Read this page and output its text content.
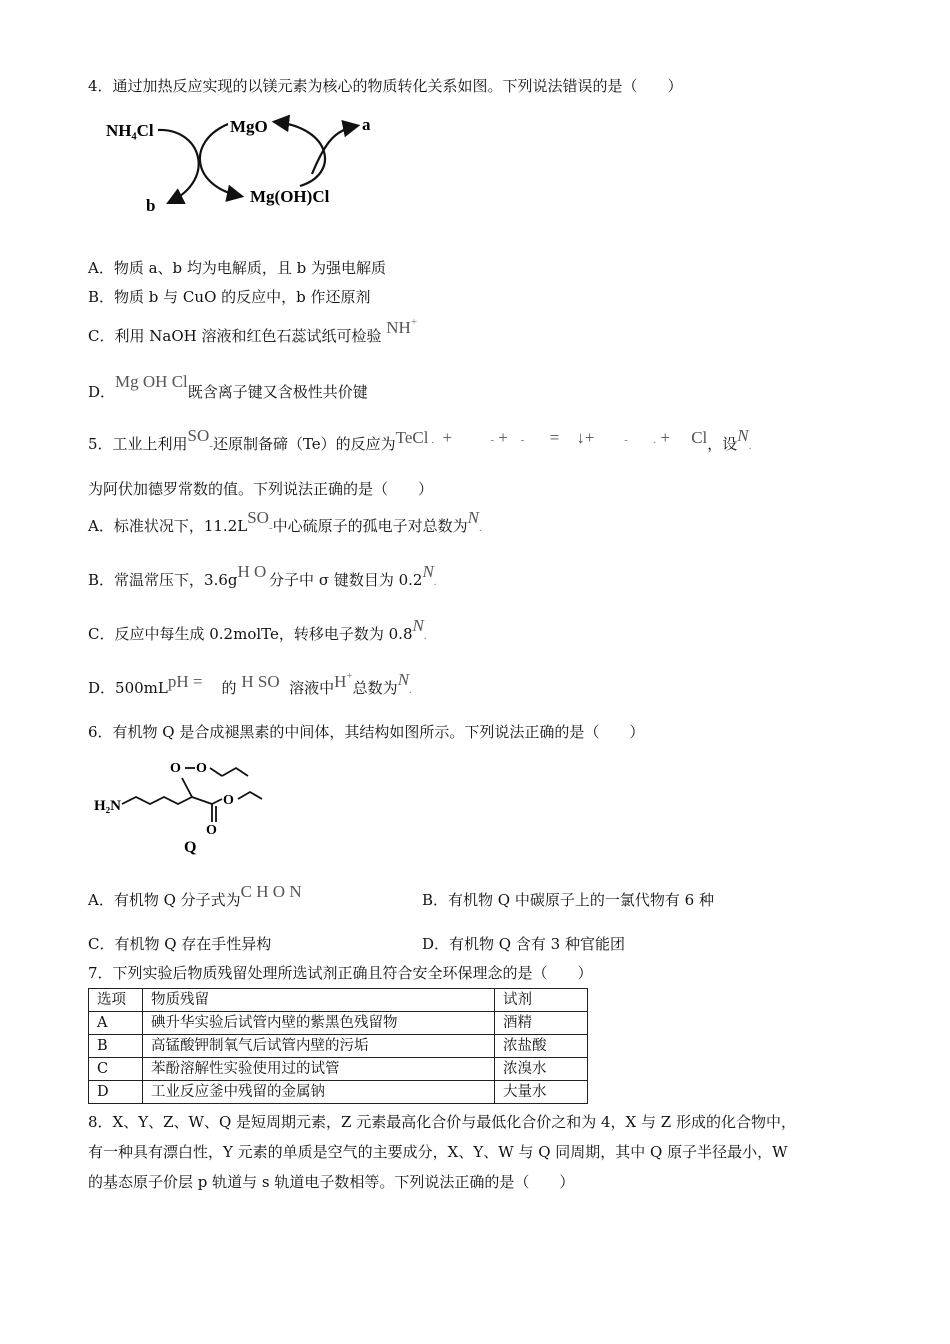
4．通过加热反应实现的以镁元素为核心的物质转化关系如图。下列说法错误的是（　　）
NH₄Cl	MgO	a
b	Mg(OH)Cl
A．物质 a、b 均为电解质，且 b 为强电解质
B．物质 b 与 CuO 的反应中，b 作还原剂
C．利用 NaOH 溶液和红色石蕊试纸可检验 NH+
D．Mg OH Cl既含离子键又含极性共价键
5．工业上利用SO-还原制备碲（Te）的反应为TeCl . +	- + - = ↓+	- . + Cl，设N.
为阿伏加德罗常数的值。下列说法正确的是（　　）
A．标准状况下，11.2LSO-中心硫原子的孤电子对总数为N.
B．常温常压下，3.6gH O 分子中 σ 键数目为 0.2N.
C．反应中每生成 0.2molTe，转移电子数为 0.8N.
D．500mLpH = 的 H SO 溶液中H+总数为N.
6．有机物 Q 是合成褪黑素的中间体，其结构如图所示。下列说法正确的是（　　）
H₂N
Q
O O
O
O
A．有机物 Q 分子式为C H O N	B．有机物 Q 中碳原子上的一氯代物有 6 种
C．有机物 Q 存在手性异构	D．有机物 Q 含有 3 种官能团
7．下列实验后物质残留处理所选试剂正确且符合安全环保理念的是（　　）
选项	物质残留	试剂
A	碘升华实验后试管内壁的紫黑色残留物	酒精
B	高锰酸钾制氧气后试管内壁的污垢	浓盐酸
C	苯酚溶解性实验使用过的试管	浓溴水
D	工业反应釜中残留的金属钠	大量水
8．X、Y、Z、W、Q 是短周期元素，Z 元素最高化合价与最低化合价之和为 4，X 与 Z 形成的化合物中，
有一种具有漂白性，Y 元素的单质是空气的主要成分，X、Y、W 与 Q 同周期，其中 Q 原子半径最小，W
的基态原子价层 p 轨道与 s 轨道电子数相等。下列说法正确的是（　　）
